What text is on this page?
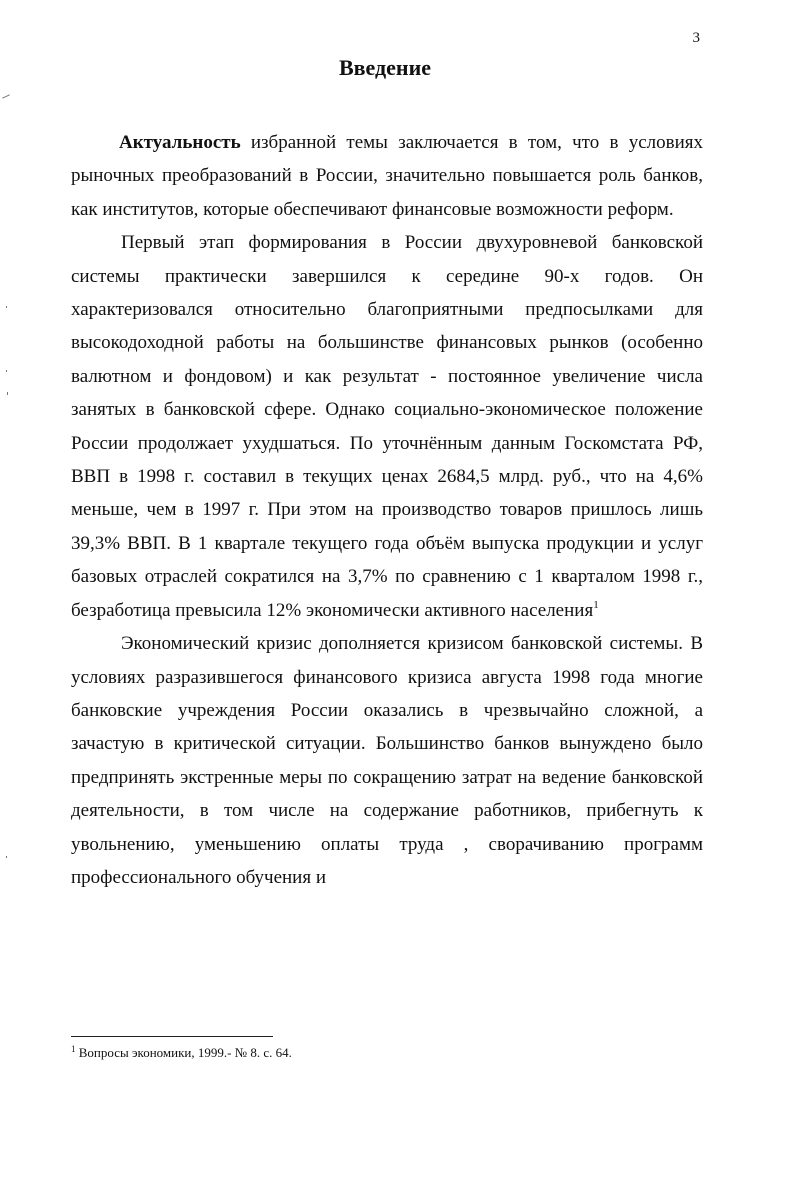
3
Введение

Актуальность избранной темы заключается в том, что в условиях рыночных преобразований в России, значительно повышается роль банков, как институтов, которые обеспечивают финансовые возможности реформ.

Первый этап формирования в России двухуровневой банковской системы практически завершился к середине 90-х годов. Он характеризовался относительно благоприятными предпосылками для высокодоходной работы на большинстве финансовых рынков (особенно валютном и фондовом) и как результат - постоянное увеличение числа занятых в банковской сфере. Однако социально-экономическое положение России продолжает ухудшаться. По уточнённым данным Госкомстата РФ, ВВП в 1998 г. составил в текущих ценах 2684,5 млрд. руб., что на 4,6% меньше, чем в 1997 г. При этом на производство товаров пришлось лишь 39,3% ВВП. В 1 квартале текущего года объём выпуска продукции и услуг базовых отраслей сократился на 3,7% по сравнению с 1 кварталом 1998 г., безработица превысила 12% экономически активного населения$^1$

Экономический кризис дополняется кризисом банковской системы. В условиях разразившегося финансового кризиса августа 1998 года многие банковские учреждения России оказались в чрезвычайно сложной, а зачастую в критической ситуации. Большинство банков вынуждено было предпринять экстренные меры по сокращению затрат на ведение банковской деятельности, в том числе на содержание работников, прибегнуть к увольнению, уменьшению оплаты труда , сворачиванию программ профессионального обучения и

$^1$ Вопросы экономики, 1999.- № 8. с. 64.
